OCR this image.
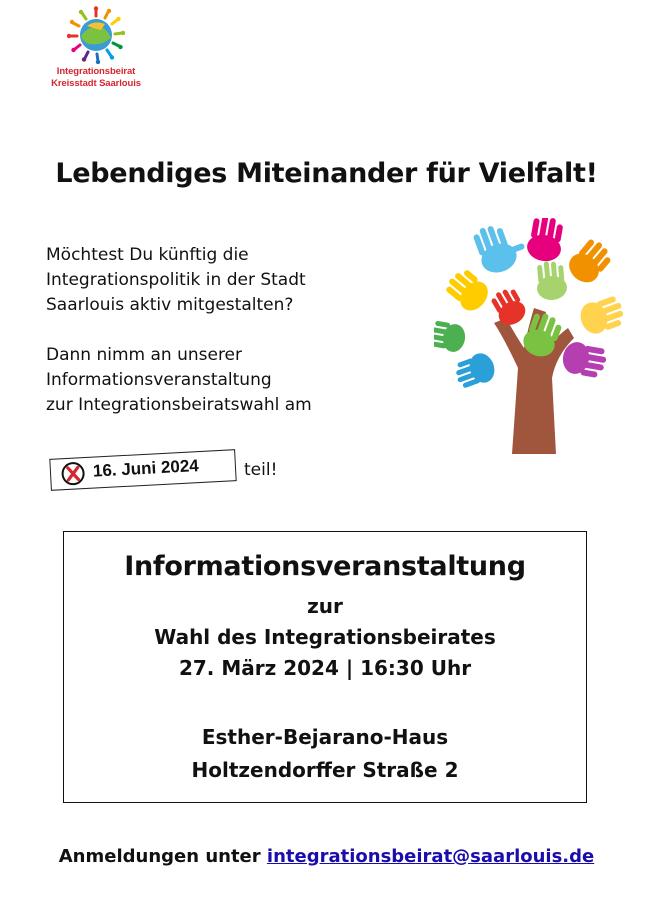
Integrationsbeirat
Kreisstadt Saarlouis
Lebendiges Miteinander für Vielfalt!
Möchtest Du künftig die
Integrationspolitik in der Stadt
Saarlouis aktiv mitgestalten?
Dann nimm an unserer
Informationsveranstaltung
zur Integrationsbeiratswahl am
16. Juni 2024	teil!
Informationsveranstaltung
zur
Wahl des Integrationsbeirates
27. März 2024 | 16:30 Uhr
Esther-Bejarano-Haus
Holtzendorffer Straße 2
Anmeldungen unter integrationsbeirat@saarlouis.de
